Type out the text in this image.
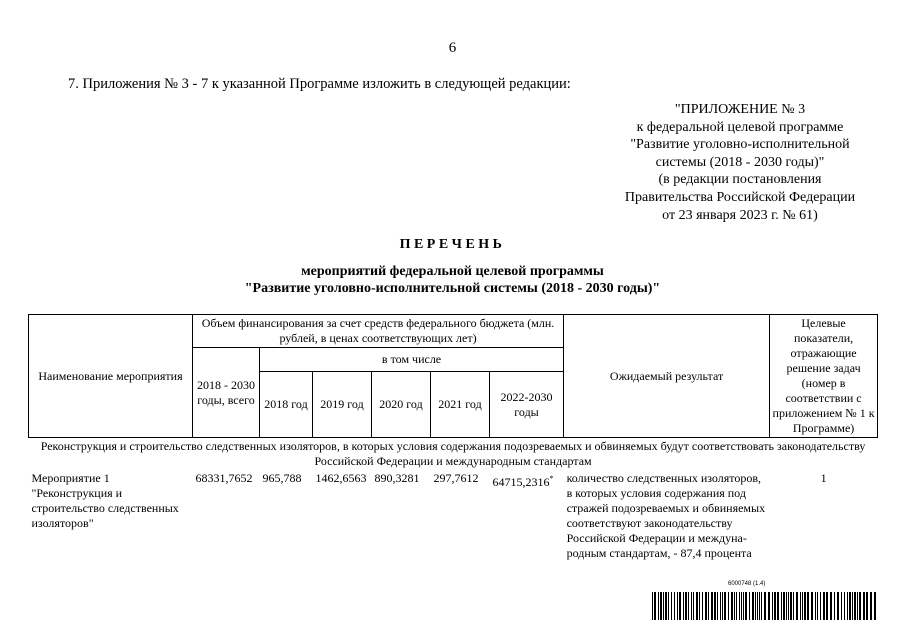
6
7. Приложения № 3 - 7 к указанной Программе изложить в следующей редакции:
"ПРИЛОЖЕНИЕ № 3
к федеральной целевой программе
"Развитие уголовно-исполнительной
системы (2018 - 2030 годы)"
(в редакции постановления
Правительства Российской Федерации
от 23 января 2023 г. № 61)
ПЕРЕЧЕНЬ
мероприятий федеральной целевой программы
"Развитие уголовно-исполнительной системы (2018 - 2030 годы)"
Наименование мероприятия	Объем финансирования за счет средств федерального бюджета (млн. рублей, в ценах соответствующих лет)						Ожидаемый результат	Целевые показатели, отражающие решение задач (номер в соответствии с приложением № 1 к Программе)
	2018 - 2030 годы, всего	в том числе						
		2018 год	2019 год	2020 год	2021 год	2022-2030 годы		
Реконструкция и строительство следственных изоляторов, в которых условия содержания подозреваемых и обвиняемых будут соответствовать законодательству Российской Федерации и международным стандартам								
Мероприятие 1 "Реконструкция и строительство следственных изоляторов"	68331,7652	965,788	1462,6563	890,3281	297,7612	64715,2316*	количество следственных изоляторов, в которых условия содержания под стражей подозреваемых и обвиняемых соответствуют законодательству Российской Федерации и междуна-родным стандартам, - 87,4 процента	1
6000748 (1.4)
